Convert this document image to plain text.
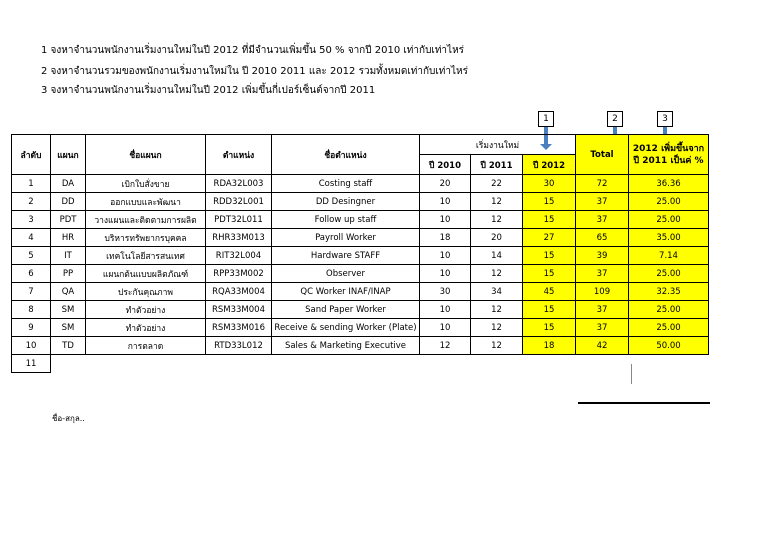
1 จงหาจำนวนพนักงานเริ่มงานใหม่ในปี 2012 ที่มีจำนวนเพิ่มขึ้น 50 % จากปี 2010 เท่ากับเท่าไหร่
2 จงหาจำนวนรวมของพนักงานเริ่มงานใหม่ใน ปี 2010 2011 และ 2012 รวมทั้งหมดเท่ากับเท่าไหร่
3 จงหาจำนวนพนักงานเริ่มงานใหม่ในปี 2012 เพิ่มขึ้นกี่เปอร์เซ็นต์จากปี 2011
1	2	3
ลำดับ	แผนก	ชื่อแผนก	ตำแหน่ง	ชื่อตำแหน่ง	เริ่มงานใหม่			Total	2012 เพิ่มขึ้นจาก ปี 2011 เป็นค่ %
					ปี 2010	ปี 2011	ปี 2012		
1	DA	เบิกใบสั่งขาย	RDA32L003	Costing staff	20	22	30	72	36.36
2	DD	ออกแบบและพัฒนา	RDD32L001	DD Desingner	10	12	15	37	25.00
3	PDT	วางแผนและติดตามการผลิต	PDT32L011	Follow up staff	10	12	15	37	25.00
4	HR	บริหารทรัพยากรบุคคล	RHR33M013	Payroll Worker	18	20	27	65	35.00
5	IT	เทคโนโลยีสารสนเทศ	RIT32L004	Hardware STAFF	10	14	15	39	7.14
6	PP	แผนกต้นแบบผลิตภัณฑ์	RPP33M002	Observer	10	12	15	37	25.00
7	QA	ประกันคุณภาพ	RQA33M004	QC Worker INAF/INAP	30	34	45	109	32.35
8	SM	ทำตัวอย่าง	RSM33M004	Sand Paper Worker	10	12	15	37	25.00
9	SM	ทำตัวอย่าง	RSM33M016	Receive & sending Worker (Plate)	10	12	15	37	25.00
10	TD	การตลาด	RTD33L012	Sales & Marketing Executive	12	12	18	42	50.00
11									
ชื่อ-สกุล..
